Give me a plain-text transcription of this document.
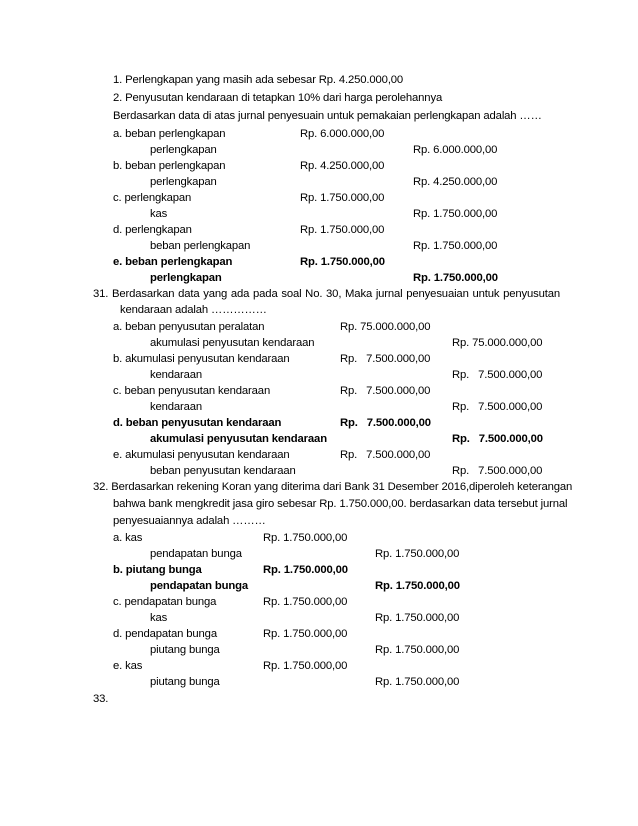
1. Perlengkapan yang masih ada sebesar Rp. 4.250.000,00
2. Penyusutan kendaraan di tetapkan 10% dari harga perolehannya
Berdasarkan data di atas jurnal penyesuain untuk pemakaian perlengkapan adalah ……
a. beban perlengkapan	Rp. 6.000.000,00
perlengkapan	Rp. 6.000.000,00
b. beban perlengkapan	Rp. 4.250.000,00
perlengkapan	Rp. 4.250.000,00
c. perlengkapan	Rp. 1.750.000,00
kas	Rp. 1.750.000,00
d. perlengkapan	Rp. 1.750.000,00
beban perlengkapan	Rp. 1.750.000,00
e. beban perlengkapan	Rp. 1.750.000,00
perlengkapan	Rp. 1.750.000,00
31. Berdasarkan data yang ada pada soal No. 30, Maka jurnal penyesuaian untuk penyusutan
kendaraan adalah ……………
a. beban penyusutan peralatan	Rp. 75.000.000,00
akumulasi penyusutan kendaraan	Rp. 75.000.000,00
b. akumulasi penyusutan kendaraan	Rp.   7.500.000,00
kendaraan	Rp.   7.500.000,00
c. beban penyusutan kendaraan	Rp.   7.500.000,00
kendaraan	Rp.   7.500.000,00
d. beban penyusutan kendaraan	Rp.   7.500.000,00
akumulasi penyusutan kendaraan	Rp.   7.500.000,00
e. akumulasi penyusutan kendaraan	Rp.   7.500.000,00
beban penyusutan kendaraan	Rp.   7.500.000,00
32. Berdasarkan rekening Koran yang diterima dari Bank 31 Desember 2016,diperoleh keterangan
bahwa bank mengkredit jasa giro sebesar Rp. 1.750.000,00. berdasarkan data tersebut jurnal
penyesuaiannya adalah ………
a. kas	Rp. 1.750.000,00
pendapatan bunga	Rp. 1.750.000,00
b. piutang bunga	Rp. 1.750.000,00
pendapatan bunga	Rp. 1.750.000,00
c. pendapatan bunga	Rp. 1.750.000,00
kas	Rp. 1.750.000,00
d. pendapatan bunga	Rp. 1.750.000,00
piutang bunga	Rp. 1.750.000,00
e. kas	Rp. 1.750.000,00
piutang bunga	Rp. 1.750.000,00
33.
